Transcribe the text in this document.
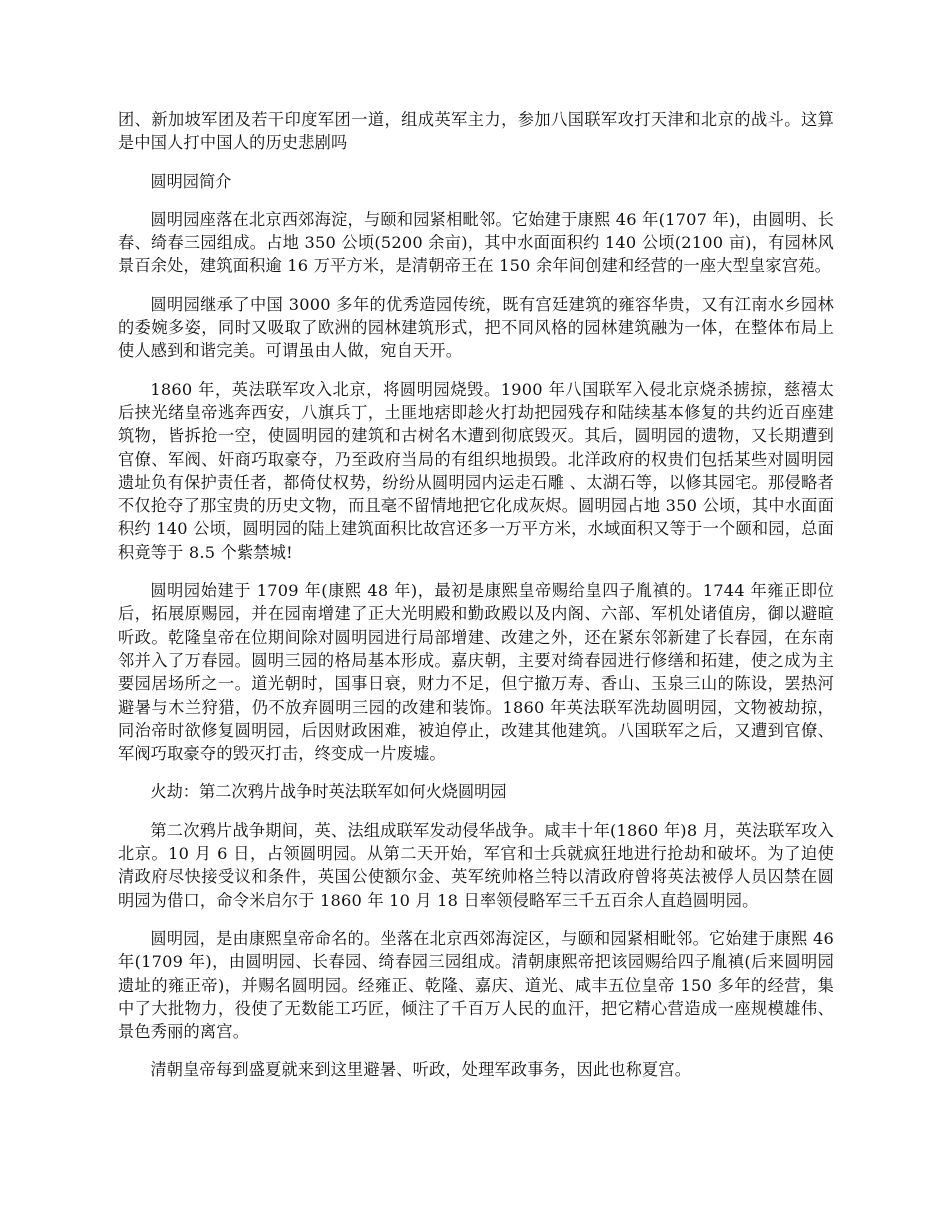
团、新加坡军团及若干印度军团一道，组成英军主力，参加八国联军攻打天津和北京的战斗。这算是中国人打中国人的历史悲剧吗

圆明园简介

圆明园座落在北京西郊海淀，与颐和园紧相毗邻。它始建于康熙 46 年(1707 年)，由圆明、长春、绮春三园组成。占地 350 公顷(5200 余亩)，其中水面面积约 140 公顷(2100 亩)，有园林风景百余处，建筑面积逾 16 万平方米，是清朝帝王在 150 余年间创建和经营的一座大型皇家宫苑。

圆明园继承了中国 3000 多年的优秀造园传统，既有宫廷建筑的雍容华贵，又有江南水乡园林的委婉多姿，同时又吸取了欧洲的园林建筑形式，把不同风格的园林建筑融为一体，在整体布局上使人感到和谐完美。可谓虽由人做，宛自天开。

1860 年，英法联军攻入北京，将圆明园烧毁。1900 年八国联军入侵北京烧杀掳掠，慈禧太后挟光绪皇帝逃奔西安，八旗兵丁，土匪地痞即趁火打劫把园残存和陆续基本修复的共约近百座建筑物，皆拆抢一空，使圆明园的建筑和古树名木遭到彻底毁灭。其后，圆明园的遗物，又长期遭到官僚、军阀、奸商巧取豪夺，乃至政府当局的有组织地损毁。北洋政府的权贵们包括某些对圆明园遗址负有保护责任者，都倚仗权势，纷纷从圆明园内运走石雕 、太湖石等，以修其园宅。那侵略者不仅抢夺了那宝贵的历史文物，而且毫不留情地把它化成灰烬。圆明园占地 350 公顷，其中水面面积约 140 公顷，圆明园的陆上建筑面积比故宫还多一万平方米，水域面积又等于一个颐和园，总面积竟等于 8.5 个紫禁城!

圆明园始建于 1709 年(康熙 48 年)，最初是康熙皇帝赐给皇四子胤禛的。1744 年雍正即位后，拓展原赐园，并在园南增建了正大光明殿和勤政殿以及内阁、六部、军机处诸值房，御以避暄听政。乾隆皇帝在位期间除对圆明园进行局部增建、改建之外，还在紧东邻新建了长春园，在东南邻并入了万春园。圆明三园的格局基本形成。嘉庆朝，主要对绮春园进行修缮和拓建，使之成为主要园居场所之一。道光朝时，国事日衰，财力不足，但宁撤万寿、香山、玉泉三山的陈设，罢热河避暑与木兰狩猎，仍不放弃圆明三园的改建和装饰。1860 年英法联军洗劫圆明园，文物被劫掠，同治帝时欲修复圆明园，后因财政困难，被迫停止，改建其他建筑。八国联军之后，又遭到官僚、军阀巧取豪夺的毁灭打击，终变成一片废墟。

火劫：第二次鸦片战争时英法联军如何火烧圆明园

第二次鸦片战争期间，英、法组成联军发动侵华战争。咸丰十年(1860 年)8 月，英法联军攻入北京。10 月 6 日，占领圆明园。从第二天开始，军官和士兵就疯狂地进行抢劫和破坏。为了迫使清政府尽快接受议和条件，英国公使额尔金、英军统帅格兰特以清政府曾将英法被俘人员囚禁在圆明园为借口，命令米启尔于 1860 年 10 月 18 日率领侵略军三千五百余人直趋圆明园。

圆明园，是由康熙皇帝命名的。坐落在北京西郊海淀区，与颐和园紧相毗邻。它始建于康熙 46 年(1709 年)，由圆明园、长春园、绮春园三园组成。清朝康熙帝把该园赐给四子胤禛(后来圆明园遗址的雍正帝)，并赐名圆明园。经雍正、乾隆、嘉庆、道光、咸丰五位皇帝 150 多年的经营，集中了大批物力，役使了无数能工巧匠，倾注了千百万人民的血汗，把它精心营造成一座规模雄伟、景色秀丽的离宫。

清朝皇帝每到盛夏就来到这里避暑、听政，处理军政事务，因此也称夏宫。
